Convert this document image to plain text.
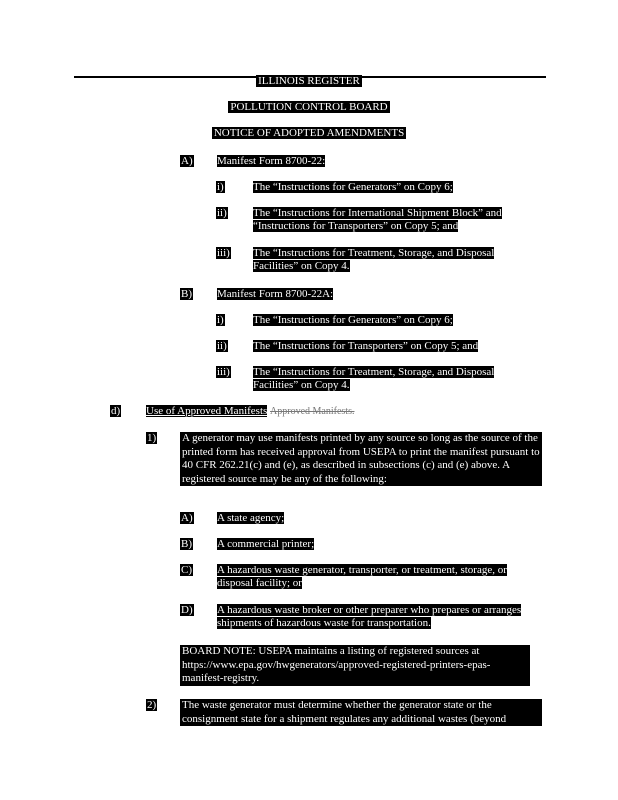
ILLINOIS REGISTER
POLLUTION CONTROL BOARD
NOTICE OF ADOPTED AMENDMENTS
A) Manifest Form 8700-22:
i)	The “Instructions for Generators” on Copy 6;
ii) The “Instructions for International Shipment Block” and “Instructions for Transporters” on Copy 5; and
iii) The “Instructions for Treatment, Storage, and Disposal Facilities” on Copy 4.
B) Manifest Form 8700-22A:
i)	The “Instructions for Generators” on Copy 6;
ii) The “Instructions for Transporters” on Copy 5; and
iii) The “Instructions for Treatment, Storage, and Disposal Facilities” on Copy 4.
d) Use of Approved Manifests Approved Manifests.
1) A generator may use manifests printed by any source so long as the source of the printed form has received approval from USEPA to print the manifest pursuant to 40 CFR 262.21(c) and (e), as described in subsections (c) and (e) above. A registered source may be any of the following:
A) A state agency;
B) A commercial printer;
C) A hazardous waste generator, transporter, or treatment, storage, or disposal facility; or
D) A hazardous waste broker or other preparer who prepares or arranges shipments of hazardous waste for transportation.
BOARD NOTE: USEPA maintains a listing of registered sources at https://www.epa.gov/hwgenerators/approved-registered-printers-epas-manifest-registry.
2) The waste generator must determine whether the generator state or the consignment state for a shipment regulates any additional wastes (beyond
